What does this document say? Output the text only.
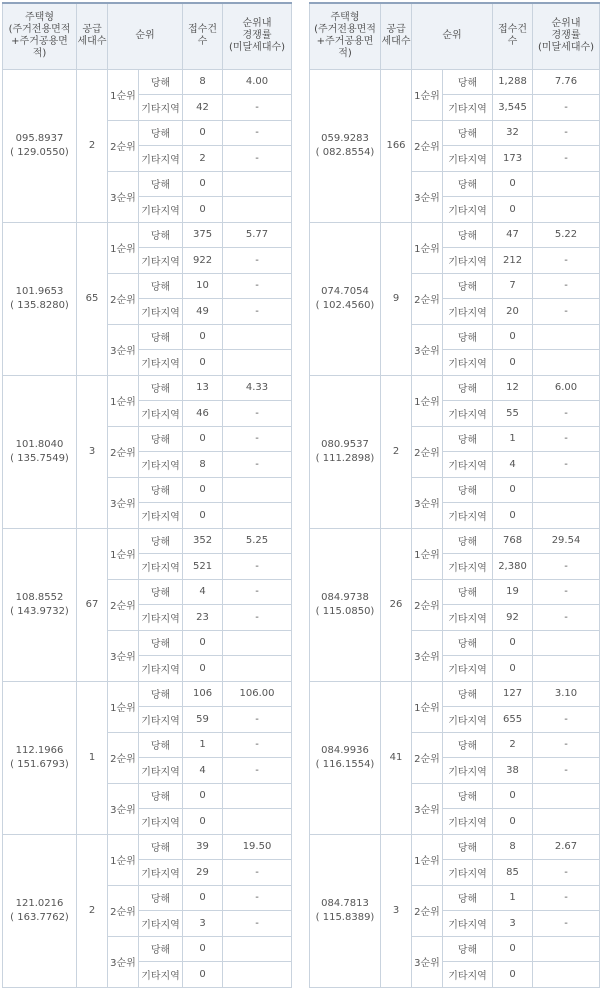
주택형
(주거전용면적
+주거공용면
적)	공급
세대수	순위		접수건
수	순위내
경쟁률
(미달세대수)
095.8937
( 129.0550)	2	1순위	당해	8	4.00
			기타지역	42	-
		2순위	당해	0	-
			기타지역	2	-
		3순위	당해	0	
			기타지역	0	
101.9653
( 135.8280)	65	1순위	당해	375	5.77
			기타지역	922	-
		2순위	당해	10	-
			기타지역	49	-
		3순위	당해	0	
			기타지역	0	
101.8040
( 135.7549)	3	1순위	당해	13	4.33
			기타지역	46	-
		2순위	당해	0	-
			기타지역	8	-
		3순위	당해	0	
			기타지역	0	
108.8552
( 143.9732)	67	1순위	당해	352	5.25
			기타지역	521	-
		2순위	당해	4	-
			기타지역	23	-
		3순위	당해	0	
			기타지역	0	
112.1966
( 151.6793)	1	1순위	당해	106	106.00
			기타지역	59	-
		2순위	당해	1	-
			기타지역	4	-
		3순위	당해	0	
			기타지역	0	
121.0216
( 163.7762)	2	1순위	당해	39	19.50
			기타지역	29	-
		2순위	당해	0	-
			기타지역	3	-
		3순위	당해	0	
			기타지역	0	
주택형
(주거전용면적
+주거공용면
적)	공급
세대수	순위		접수건
수	순위내
경쟁률
(미달세대수)
059.9283
( 082.8554)	166	1순위	당해	1,288	7.76
			기타지역	3,545	-
		2순위	당해	32	-
			기타지역	173	-
		3순위	당해	0	
			기타지역	0	
074.7054
( 102.4560)	9	1순위	당해	47	5.22
			기타지역	212	-
		2순위	당해	7	-
			기타지역	20	-
		3순위	당해	0	
			기타지역	0	
080.9537
( 111.2898)	2	1순위	당해	12	6.00
			기타지역	55	-
		2순위	당해	1	-
			기타지역	4	-
		3순위	당해	0	
			기타지역	0	
084.9738
( 115.0850)	26	1순위	당해	768	29.54
			기타지역	2,380	-
		2순위	당해	19	-
			기타지역	92	-
		3순위	당해	0	
			기타지역	0	
084.9936
( 116.1554)	41	1순위	당해	127	3.10
			기타지역	655	-
		2순위	당해	2	-
			기타지역	38	-
		3순위	당해	0	
			기타지역	0	
084.7813
( 115.8389)	3	1순위	당해	8	2.67
			기타지역	85	-
		2순위	당해	1	-
			기타지역	3	-
		3순위	당해	0	
			기타지역	0	
